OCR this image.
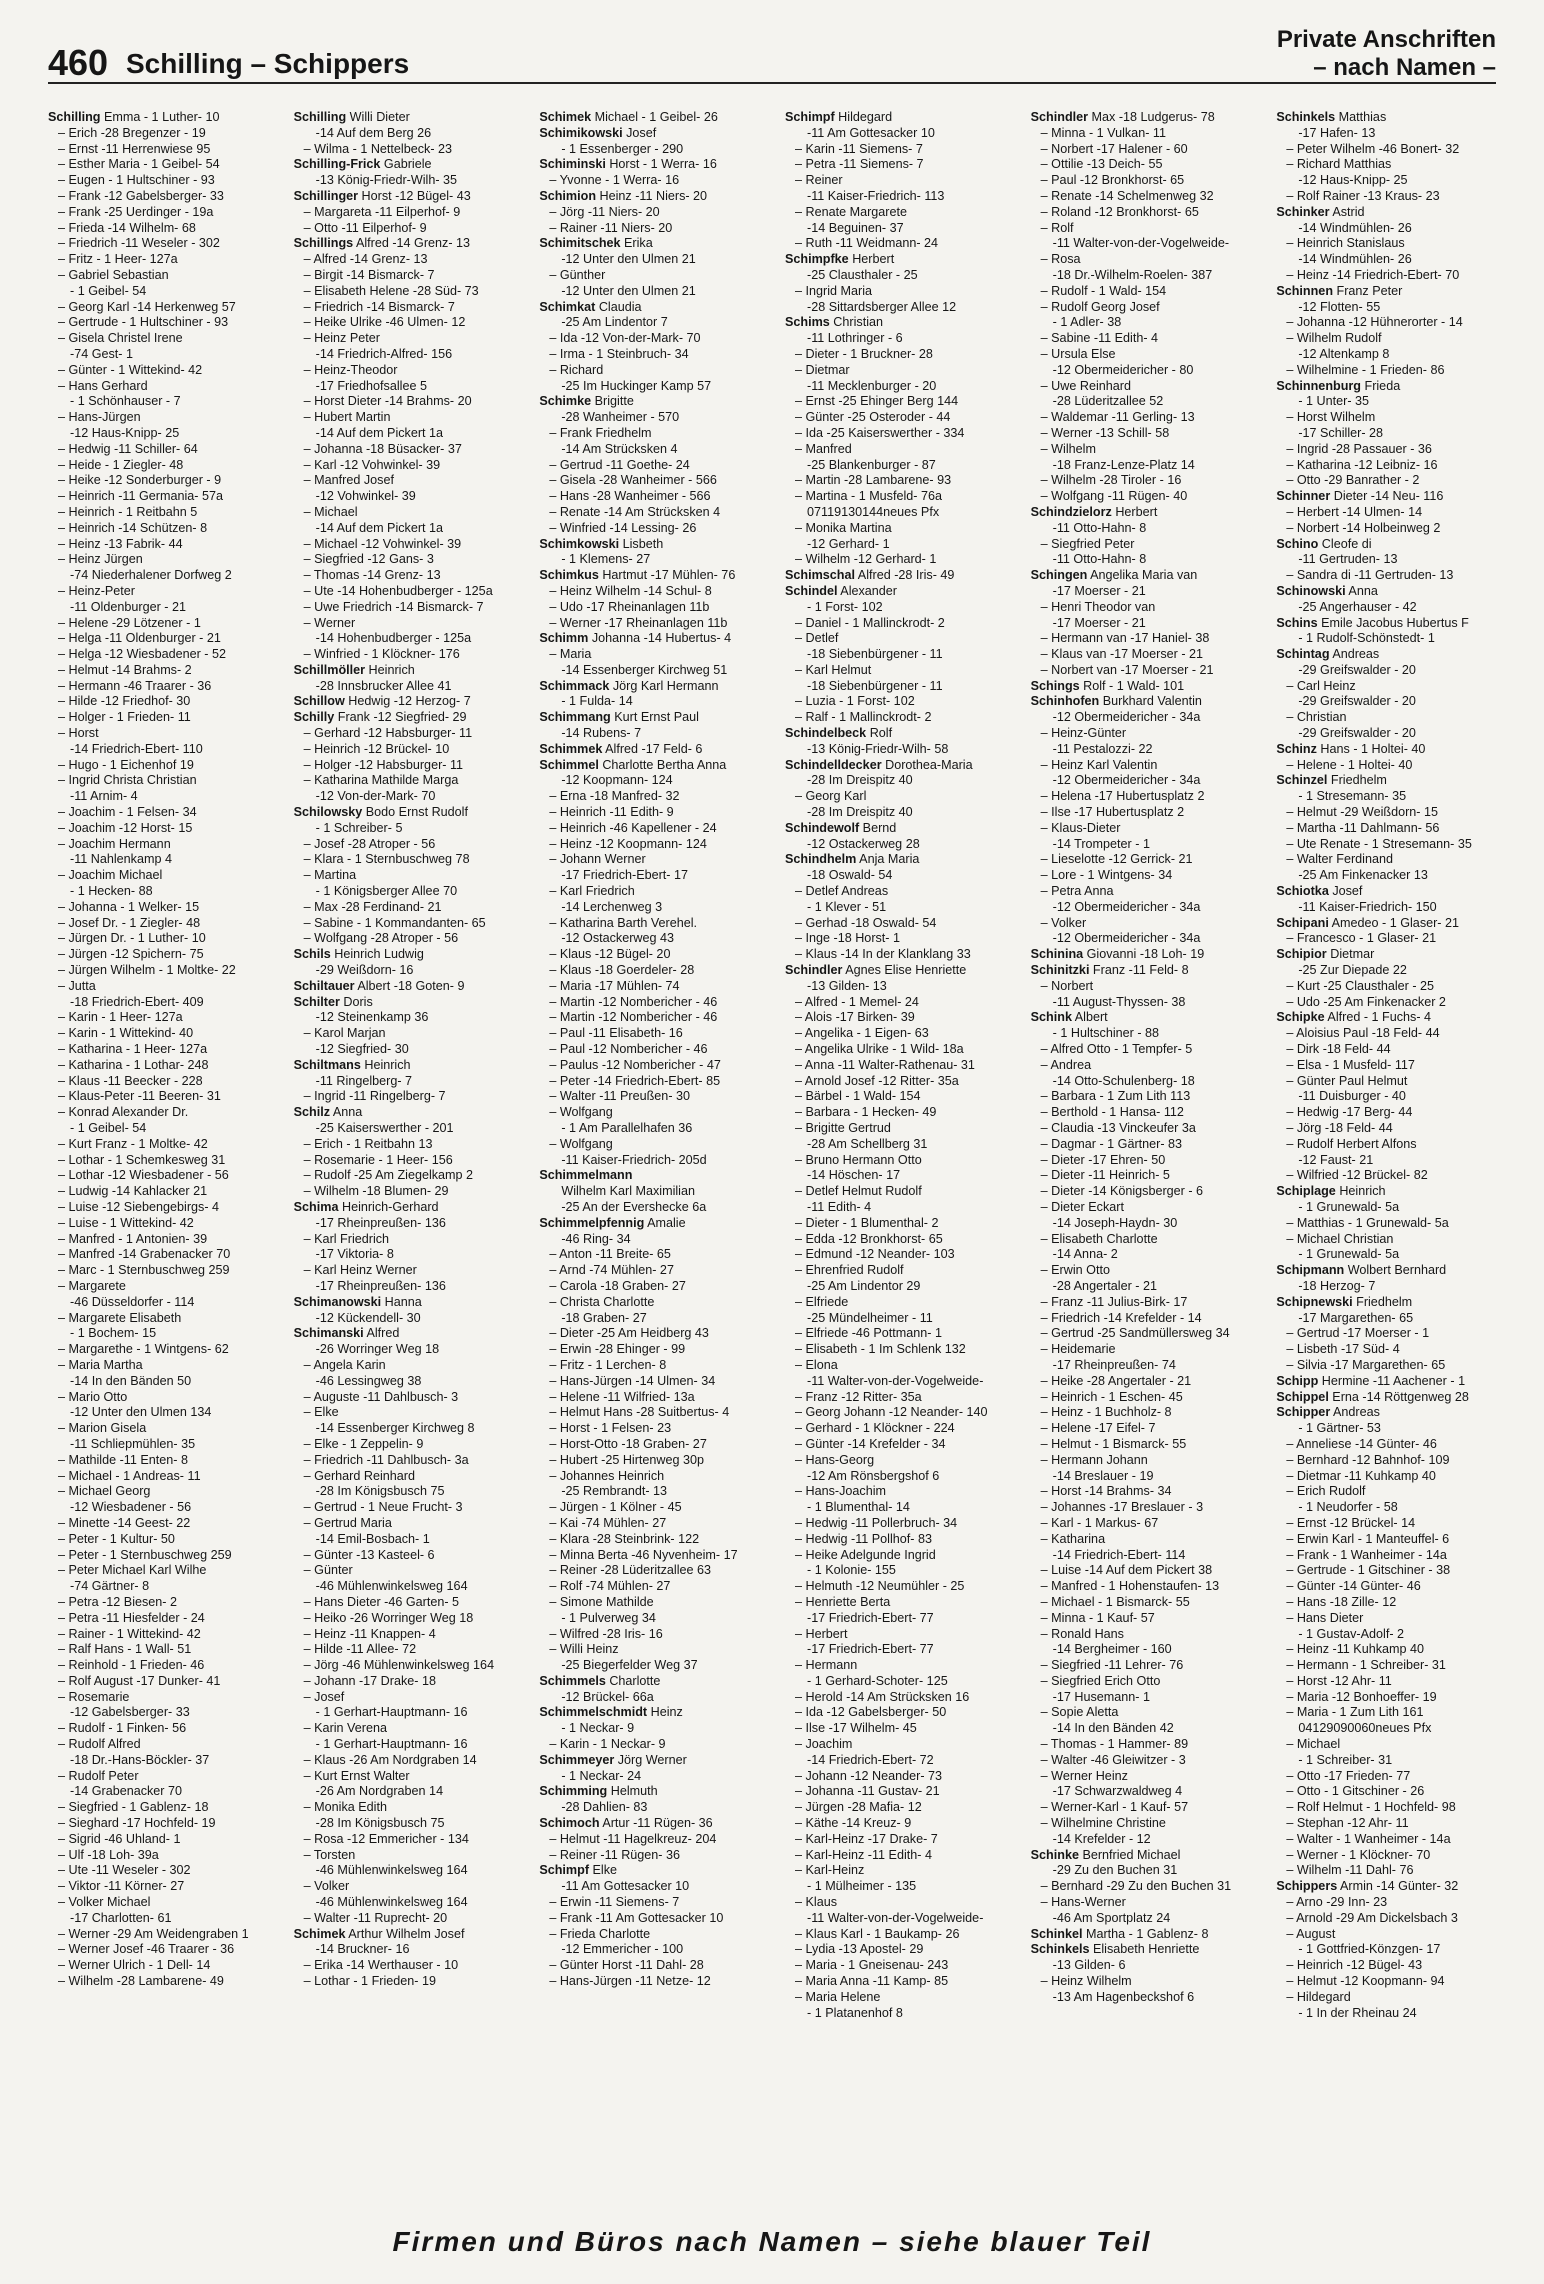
460 Schilling – Schippers
Private Anschriften
– nach Namen –
Schilling Emma - 1 Luther- 10
– Erich -28 Bregenzer - 19
– Ernst -11 Herrenwiese 95
– Esther Maria - 1 Geibel- 54
– Eugen - 1 Hultschiner - 93
– Frank -12 Gabelsberger- 33
– Frank -25 Uerdinger - 19a
– Frieda -14 Wilhelm- 68
– Friedrich -11 Weseler - 302
– Fritz - 1 Heer- 127a
– Gabriel Sebastian
- 1 Geibel- 54
– Georg Karl -14 Herkenweg 57
– Gertrude - 1 Hultschiner - 93
– Gisela Christel Irene
-74 Gest- 1
– Günter - 1 Wittekind- 42
– Hans Gerhard
- 1 Schönhauser - 7
– Hans-Jürgen
-12 Haus-Knipp- 25
– Hedwig -11 Schiller- 64
– Heide - 1 Ziegler- 48
– Heike -12 Sonderburger - 9
– Heinrich -11 Germania- 57a
– Heinrich - 1 Reitbahn 5
– Heinrich -14 Schützen- 8
– Heinz -13 Fabrik- 44
– Heinz Jürgen
-74 Niederhalener Dorfweg 2
– Heinz-Peter
-11 Oldenburger - 21
– Helene -29 Lötzener - 1
– Helga -11 Oldenburger - 21
– Helga -12 Wiesbadener - 52
– Helmut -14 Brahms- 2
– Hermann -46 Traarer - 36
– Hilde -12 Friedhof- 30
– Holger - 1 Frieden- 11
– Horst
-14 Friedrich-Ebert- 110
– Hugo - 1 Eichenhof 19
– Ingrid Christa Christian
-11 Arnim- 4
– Joachim - 1 Felsen- 34
– Joachim -12 Horst- 15
– Joachim Hermann
-11 Nahlenkamp 4
– Joachim Michael
- 1 Hecken- 88
– Johanna - 1 Welker- 15
– Josef Dr. - 1 Ziegler- 48
– Jürgen Dr. - 1 Luther- 10
– Jürgen -12 Spichern- 75
– Jürgen Wilhelm - 1 Moltke- 22
– Jutta
-18 Friedrich-Ebert- 409
– Karin - 1 Heer- 127a
– Karin - 1 Wittekind- 40
– Katharina - 1 Heer- 127a
– Katharina - 1 Lothar- 248
– Klaus -11 Beecker - 228
– Klaus-Peter -11 Beeren- 31
– Konrad Alexander Dr.
- 1 Geibel- 54
– Kurt Franz - 1 Moltke- 42
– Lothar - 1 Schemkesweg 31
– Lothar -12 Wiesbadener - 56
– Ludwig -14 Kahlacker 21
– Luise -12 Siebengebirgs- 4
– Luise - 1 Wittekind- 42
– Manfred - 1 Antonien- 39
– Manfred -14 Grabenacker 70
– Marc - 1 Sternbuschweg 259
– Margarete
-46 Düsseldorfer - 114
– Margarete Elisabeth
- 1 Bochem- 15
– Margarethe - 1 Wintgens- 62
– Maria Martha
-14 In den Bänden 50
– Mario Otto
-12 Unter den Ulmen 134
– Marion Gisela
-11 Schliepmühlen- 35
– Mathilde -11 Enten- 8
– Michael - 1 Andreas- 11
– Michael Georg
-12 Wiesbadener - 56
– Minette -14 Geest- 22
– Peter - 1 Kultur- 50
– Peter - 1 Sternbuschweg 259
– Peter Michael Karl Wilhe
-74 Gärtner- 8
– Petra -12 Biesen- 2
– Petra -11 Hiesfelder - 24
– Rainer - 1 Wittekind- 42
– Ralf Hans - 1 Wall- 51
– Reinhold - 1 Frieden- 46
– Rolf August -17 Dunker- 41
– Rosemarie
-12 Gabelsberger- 33
– Rudolf - 1 Finken- 56
– Rudolf Alfred
-18 Dr.-Hans-Böckler- 37
– Rudolf Peter
-14 Grabenacker 70
– Siegfried - 1 Gablenz- 18
– Sieghard -17 Hochfeld- 19
– Sigrid -46 Uhland- 1
– Ulf -18 Loh- 39a
– Ute -11 Weseler - 302
– Viktor -11 Körner- 27
– Volker Michael
-17 Charlotten- 61
– Werner -29 Am Weidengraben 1
– Werner Josef -46 Traarer - 36
– Werner Ulrich - 1 Dell- 14
– Wilhelm -28 Lambarene- 49
Schilling Willi Dieter
-14 Auf dem Berg 26
– Wilma - 1 Nettelbeck- 23
Schilling-Frick Gabriele
-13 König-Friedr-Wilh- 35
Schillinger Horst -12 Bügel- 43
– Margareta -11 Eilperhof- 9
– Otto -11 Eilperhof- 9
Schillings Alfred -14 Grenz- 13
– Alfred -14 Grenz- 13
– Birgit -14 Bismarck- 7
– Elisabeth Helene -28 Süd- 73
– Friedrich -14 Bismarck- 7
– Heike Ulrike -46 Ulmen- 12
– Heinz Peter
-14 Friedrich-Alfred- 156
– Heinz-Theodor
-17 Friedhofsallee 5
– Horst Dieter -14 Brahms- 20
– Hubert Martin
-14 Auf dem Pickert 1a
– Johanna -18 Büsacker- 37
– Karl -12 Vohwinkel- 39
– Manfred Josef
-12 Vohwinkel- 39
– Michael
-14 Auf dem Pickert 1a
– Michael -12 Vohwinkel- 39
– Siegfried -12 Gans- 3
– Thomas -14 Grenz- 13
– Ute -14 Hohenbudberger - 125a
– Uwe Friedrich -14 Bismarck- 7
– Werner
-14 Hohenbudberger - 125a
– Winfried - 1 Klöckner- 176
Schillmöller Heinrich
-28 Innsbrucker Allee 41
Schillow Hedwig -12 Herzog- 7
Schilly Frank -12 Siegfried- 29
– Gerhard -12 Habsburger- 11
– Heinrich -12 Brückel- 10
– Holger -12 Habsburger- 11
– Katharina Mathilde Marga
-12 Von-der-Mark- 70
Schilowsky Bodo Ernst Rudolf
- 1 Schreiber- 5
– Josef -28 Atroper - 56
– Klara - 1 Sternbuschweg 78
– Martina
- 1 Königsberger Allee 70
– Max -28 Ferdinand- 21
– Sabine - 1 Kommandanten- 65
– Wolfgang -28 Atroper - 56
Schils Heinrich Ludwig
-29 Weißdorn- 16
Schiltauer Albert -18 Goten- 9
Schilter Doris
-12 Steinenkamp 36
– Karol Marjan
-12 Siegfried- 30
Schiltmans Heinrich
-11 Ringelberg- 7
– Ingrid -11 Ringelberg- 7
Schilz Anna
-25 Kaiserswerther - 201
– Erich - 1 Reitbahn 13
– Rosemarie - 1 Heer- 156
– Rudolf -25 Am Ziegelkamp 2
– Wilhelm -18 Blumen- 29
Schima Heinrich-Gerhard
-17 Rheinpreußen- 136
– Karl Friedrich
-17 Viktoria- 8
– Karl Heinz Werner
-17 Rheinpreußen- 136
Schimanowski Hanna
-12 Kückendell- 30
Schimanski Alfred
-26 Worringer Weg 18
– Angela Karin
-46 Lessingweg 38
– Auguste -11 Dahlbusch- 3
– Elke
-14 Essenberger Kirchweg 8
– Elke - 1 Zeppelin- 9
– Friedrich -11 Dahlbusch- 3a
– Gerhard Reinhard
-28 Im Königsbusch 75
– Gertrud - 1 Neue Frucht- 3
– Gertrud Maria
-14 Emil-Bosbach- 1
– Günter -13 Kasteel- 6
– Günter
-46 Mühlenwinkelsweg 164
– Hans Dieter -46 Garten- 5
– Heiko -26 Worringer Weg 18
– Heinz -11 Knappen- 4
– Hilde -11 Allee- 72
– Jörg -46 Mühlenwinkelsweg 164
– Johann -17 Drake- 18
– Josef
- 1 Gerhart-Hauptmann- 16
– Karin Verena
- 1 Gerhart-Hauptmann- 16
– Klaus -26 Am Nordgraben 14
– Kurt Ernst Walter
-26 Am Nordgraben 14
– Monika Edith
-28 Im Königsbusch 75
– Rosa -12 Emmericher - 134
– Torsten
-46 Mühlenwinkelsweg 164
– Volker
-46 Mühlenwinkelsweg 164
– Walter -11 Ruprecht- 20
Schimek Arthur Wilhelm Josef
-14 Bruckner- 16
– Erika -14 Werthauser - 10
– Lothar - 1 Frieden- 19
Schimek Michael - 1 Geibel- 26
Schimikowski Josef
- 1 Essenberger - 290
Schiminski Horst - 1 Werra- 16
– Yvonne - 1 Werra- 16
Schimion Heinz -11 Niers- 20
– Jörg -11 Niers- 20
– Rainer -11 Niers- 20
Schimitschek Erika
-12 Unter den Ulmen 21
– Günther
-12 Unter den Ulmen 21
Schimkat Claudia
-25 Am Lindentor 7
– Ida -12 Von-der-Mark- 70
– Irma - 1 Steinbruch- 34
– Richard
-25 Im Huckinger Kamp 57
Schimke Brigitte
-28 Wanheimer - 570
– Frank Friedhelm
-14 Am Strücksken 4
– Gertrud -11 Goethe- 24
– Gisela -28 Wanheimer - 566
– Hans -28 Wanheimer - 566
– Renate -14 Am Strücksken 4
– Winfried -14 Lessing- 26
Schimkowski Lisbeth
- 1 Klemens- 27
Schimkus Hartmut -17 Mühlen- 76
– Heinz Wilhelm -14 Schul- 8
– Udo -17 Rheinanlagen 11b
– Werner -17 Rheinanlagen 11b
Schimm Johanna -14 Hubertus- 4
– Maria
-14 Essenberger Kirchweg 51
Schimmack Jörg Karl Hermann
- 1 Fulda- 14
Schimmang Kurt Ernst Paul
-14 Rubens- 7
Schimmek Alfred -17 Feld- 6
Schimmel Charlotte Bertha Anna
-12 Koopmann- 124
– Erna -18 Manfred- 32
– Heinrich -11 Edith- 9
– Heinrich -46 Kapellener - 24
– Heinz -12 Koopmann- 124
– Johann Werner
-17 Friedrich-Ebert- 17
– Karl Friedrich
-14 Lerchenweg 3
– Katharina Barth Verehel.
-12 Ostackerweg 43
– Klaus -12 Bügel- 20
– Klaus -18 Goerdeler- 28
– Maria -17 Mühlen- 74
– Martin -12 Nombericher - 46
– Martin -12 Nombericher - 46
– Paul -11 Elisabeth- 16
– Paul -12 Nombericher - 46
– Paulus -12 Nombericher - 47
– Peter -14 Friedrich-Ebert- 85
– Walter -11 Preußen- 30
– Wolfgang
- 1 Am Parallelhafen 36
– Wolfgang
-11 Kaiser-Friedrich- 205d
Schimmelmann
Wilhelm Karl Maximilian
-25 An der Evershecke 6a
Schimmelpfennig Amalie
-46 Ring- 34
– Anton -11 Breite- 65
– Arnd -74 Mühlen- 27
– Carola -18 Graben- 27
– Christa Charlotte
-18 Graben- 27
– Dieter -25 Am Heidberg 43
– Erwin -28 Ehinger - 99
– Fritz - 1 Lerchen- 8
– Hans-Jürgen -14 Ulmen- 34
– Helene -11 Wilfried- 13a
– Helmut Hans -28 Suitbertus- 4
– Horst - 1 Felsen- 23
– Horst-Otto -18 Graben- 27
– Hubert -25 Hirtenweg 30p
– Johannes Heinrich
-25 Rembrandt- 13
– Jürgen - 1 Kölner - 45
– Kai -74 Mühlen- 27
– Klara -28 Steinbrink- 122
– Minna Berta -46 Nyvenheim- 17
– Reiner -28 Lüderitzallee 63
– Rolf -74 Mühlen- 27
– Simone Mathilde
- 1 Pulverweg 34
– Wilfred -28 Iris- 16
– Willi Heinz
-25 Biegerfelder Weg 37
Schimmels Charlotte
-12 Brückel- 66a
Schimmelschmidt Heinz
- 1 Neckar- 9
– Karin - 1 Neckar- 9
Schimmeyer Jörg Werner
- 1 Neckar- 24
Schimming Helmuth
-28 Dahlien- 83
Schimoch Artur -11 Rügen- 36
– Helmut -11 Hagelkreuz- 204
– Reiner -11 Rügen- 36
Schimpf Elke
-11 Am Gottesacker 10
– Erwin -11 Siemens- 7
– Frank -11 Am Gottesacker 10
– Frieda Charlotte
-12 Emmericher - 100
– Günter Horst -11 Dahl- 28
– Hans-Jürgen -11 Netze- 12
Schimpf Hildegard
-11 Am Gottesacker 10
– Karin -11 Siemens- 7
– Petra -11 Siemens- 7
– Reiner
-11 Kaiser-Friedrich- 113
– Renate Margarete
-14 Beguinen- 37
– Ruth -11 Weidmann- 24
Schimpfke Herbert
-25 Clausthaler - 25
– Ingrid Maria
-28 Sittardsberger Allee 12
Schims Christian
-11 Lothringer - 6
– Dieter - 1 Bruckner- 28
– Dietmar
-11 Mecklenburger - 20
– Ernst -25 Ehinger Berg 144
– Günter -25 Osteroder - 44
– Ida -25 Kaiserswerther - 334
– Manfred
-25 Blankenburger - 87
– Martin -28 Lambarene- 93
– Martina - 1 Musfeld- 76a
07119130144neues Pfx
– Monika Martina
-12 Gerhard- 1
– Wilhelm -12 Gerhard- 1
Schimschal Alfred -28 Iris- 49
Schindel Alexander
- 1 Forst- 102
– Daniel - 1 Mallinckrodt- 2
– Detlef
-18 Siebenbürgener - 11
– Karl Helmut
-18 Siebenbürgener - 11
– Luzia - 1 Forst- 102
– Ralf - 1 Mallinckrodt- 2
Schindelbeck Rolf
-13 König-Friedr-Wilh- 58
Schindelldecker Dorothea-Maria
-28 Im Dreispitz 40
– Georg Karl
-28 Im Dreispitz 40
Schindewolf Bernd
-12 Ostackerweg 28
Schindhelm Anja Maria
-18 Oswald- 54
– Detlef Andreas
- 1 Klever - 51
– Gerhad -18 Oswald- 54
– Inge -18 Horst- 1
– Klaus -14 In der Klanklang 33
Schindler Agnes Elise Henriette
-13 Gilden- 13
– Alfred - 1 Memel- 24
– Alois -17 Birken- 39
– Angelika - 1 Eigen- 63
– Angelika Ulrike - 1 Wild- 18a
– Anna -11 Walter-Rathenau- 31
– Arnold Josef -12 Ritter- 35a
– Bärbel - 1 Wald- 154
– Barbara - 1 Hecken- 49
– Brigitte Gertrud
-28 Am Schellberg 31
– Bruno Hermann Otto
-14 Höschen- 17
– Detlef Helmut Rudolf
-11 Edith- 4
– Dieter - 1 Blumenthal- 2
– Edda -12 Bronkhorst- 65
– Edmund -12 Neander- 103
– Ehrenfried Rudolf
-25 Am Lindentor 29
– Elfriede
-25 Mündelheimer - 11
– Elfriede -46 Pottmann- 1
– Elisabeth - 1 Im Schlenk 132
– Elona
-11 Walter-von-der-Vogelweide-
– Franz -12 Ritter- 35a
– Georg Johann -12 Neander- 140
– Gerhard - 1 Klöckner - 224
– Günter -14 Krefelder - 34
– Hans-Georg
-12 Am Rönsbergshof 6
– Hans-Joachim
- 1 Blumenthal- 14
– Hedwig -11 Pollerbruch- 34
– Hedwig -11 Pollhof- 83
– Heike Adelgunde Ingrid
- 1 Kolonie- 155
– Helmuth -12 Neumühler - 25
– Henriette Berta
-17 Friedrich-Ebert- 77
– Herbert
-17 Friedrich-Ebert- 77
– Hermann
- 1 Gerhard-Schoter- 125
– Herold -14 Am Strücksken 16
– Ida -12 Gabelsberger- 50
– Ilse -17 Wilhelm- 45
– Joachim
-14 Friedrich-Ebert- 72
– Johann -12 Neander- 73
– Johanna -11 Gustav- 21
– Jürgen -28 Mafia- 12
– Käthe -14 Kreuz- 9
– Karl-Heinz -17 Drake- 7
– Karl-Heinz -11 Edith- 4
– Karl-Heinz
- 1 Mülheimer - 135
– Klaus
-11 Walter-von-der-Vogelweide-
– Klaus Karl - 1 Baukamp- 26
– Lydia -13 Apostel- 29
– Maria - 1 Gneisenau- 243
– Maria Anna -11 Kamp- 85
– Maria Helene
- 1 Platanenhof 8
Schindler Max -18 Ludgerus- 78
– Minna - 1 Vulkan- 11
– Norbert -17 Halener - 60
– Ottilie -13 Deich- 55
– Paul -12 Bronkhorst- 65
– Renate -14 Schelmenweg 32
– Roland -12 Bronkhorst- 65
– Rolf
-11 Walter-von-der-Vogelweide-
– Rosa
-18 Dr.-Wilhelm-Roelen- 387
– Rudolf - 1 Wald- 154
– Rudolf Georg Josef
- 1 Adler- 38
– Sabine -11 Edith- 4
– Ursula Else
-12 Obermeidericher - 80
– Uwe Reinhard
-28 Lüderitzallee 52
– Waldemar -11 Gerling- 13
– Werner -13 Schill- 58
– Wilhelm
-18 Franz-Lenze-Platz 14
– Wilhelm -28 Tiroler - 16
– Wolfgang -11 Rügen- 40
Schindzielorz Herbert
-11 Otto-Hahn- 8
– Siegfried Peter
-11 Otto-Hahn- 8
Schingen Angelika Maria van
-17 Moerser - 21
– Henri Theodor van
-17 Moerser - 21
– Hermann van -17 Haniel- 38
– Klaus van -17 Moerser - 21
– Norbert van -17 Moerser - 21
Schings Rolf - 1 Wald- 101
Schinhofen Burkhard Valentin
-12 Obermeidericher - 34a
– Heinz-Günter
-11 Pestalozzi- 22
– Heinz Karl Valentin
-12 Obermeidericher - 34a
– Helena -17 Hubertusplatz 2
– Ilse -17 Hubertusplatz 2
– Klaus-Dieter
-14 Trompeter - 1
– Lieselotte -12 Gerrick- 21
– Lore - 1 Wintgens- 34
– Petra Anna
-12 Obermeidericher - 34a
– Volker
-12 Obermeidericher - 34a
Schinina Giovanni -18 Loh- 19
Schinitzki Franz -11 Feld- 8
– Norbert
-11 August-Thyssen- 38
Schink Albert
- 1 Hultschiner - 88
– Alfred Otto - 1 Tempfer- 5
– Andrea
-14 Otto-Schulenberg- 18
– Barbara - 1 Zum Lith 113
– Berthold - 1 Hansa- 112
– Claudia -13 Vinckeufer 3a
– Dagmar - 1 Gärtner- 83
– Dieter -17 Ehren- 50
– Dieter -11 Heinrich- 5
– Dieter -14 Königsberger - 6
– Dieter Eckart
-14 Joseph-Haydn- 30
– Elisabeth Charlotte
-14 Anna- 2
– Erwin Otto
-28 Angertaler - 21
– Franz -11 Julius-Birk- 17
– Friedrich -14 Krefelder - 14
– Gertrud -25 Sandmüllersweg 34
– Heidemarie
-17 Rheinpreußen- 74
– Heike -28 Angertaler - 21
– Heinrich - 1 Eschen- 45
– Heinz - 1 Buchholz- 8
– Helene -17 Eifel- 7
– Helmut - 1 Bismarck- 55
– Hermann Johann
-14 Breslauer - 19
– Horst -14 Brahms- 34
– Johannes -17 Breslauer - 3
– Karl - 1 Markus- 67
– Katharina
-14 Friedrich-Ebert- 114
– Luise -14 Auf dem Pickert 38
– Manfred - 1 Hohenstaufen- 13
– Michael - 1 Bismarck- 55
– Minna - 1 Kauf- 57
– Ronald Hans
-14 Bergheimer - 160
– Siegfried -11 Lehrer- 76
– Siegfried Erich Otto
-17 Husemann- 1
– Sopie Aletta
-14 In den Bänden 42
– Thomas - 1 Hammer- 89
– Walter -46 Gleiwitzer - 3
– Werner Heinz
-17 Schwarzwaldweg 4
– Werner-Karl - 1 Kauf- 57
– Wilhelmine Christine
-14 Krefelder - 12
Schinke Bernfried Michael
-29 Zu den Buchen 31
– Bernhard -29 Zu den Buchen 31
– Hans-Werner
-46 Am Sportplatz 24
Schinkel Martha - 1 Gablenz- 8
Schinkels Elisabeth Henriette
-13 Gilden- 6
– Heinz Wilhelm
-13 Am Hagenbeckshof 6
Schinkels Matthias
-17 Hafen- 13
– Peter Wilhelm -46 Bonert- 32
– Richard Matthias
-12 Haus-Knipp- 25
– Rolf Rainer -13 Kraus- 23
Schinker Astrid
-14 Windmühlen- 26
– Heinrich Stanislaus
-14 Windmühlen- 26
– Heinz -14 Friedrich-Ebert- 70
Schinnen Franz Peter
-12 Flotten- 55
– Johanna -12 Hühnerorter - 14
– Wilhelm Rudolf
-12 Altenkamp 8
– Wilhelmine - 1 Frieden- 86
Schinnenburg Frieda
- 1 Unter- 35
– Horst Wilhelm
-17 Schiller- 28
– Ingrid -28 Passauer - 36
– Katharina -12 Leibniz- 16
– Otto -29 Banrather - 2
Schinner Dieter -14 Neu- 116
– Herbert -14 Ulmen- 14
– Norbert -14 Holbeinweg 2
Schino Cleofe di
-11 Gertruden- 13
– Sandra di -11 Gertruden- 13
Schinowski Anna
-25 Angerhauser - 42
Schins Emile Jacobus Hubertus F
- 1 Rudolf-Schönstedt- 1
Schintag Andreas
-29 Greifswalder - 20
– Carl Heinz
-29 Greifswalder - 20
– Christian
-29 Greifswalder - 20
Schinz Hans - 1 Holtei- 40
– Helene - 1 Holtei- 40
Schinzel Friedhelm
- 1 Stresemann- 35
– Helmut -29 Weißdorn- 15
– Martha -11 Dahlmann- 56
– Ute Renate - 1 Stresemann- 35
– Walter Ferdinand
-25 Am Finkenacker 13
Schiotka Josef
-11 Kaiser-Friedrich- 150
Schipani Amedeo - 1 Glaser- 21
– Francesco - 1 Glaser- 21
Schipior Dietmar
-25 Zur Diepade 22
– Kurt -25 Clausthaler - 25
– Udo -25 Am Finkenacker 2
Schipke Alfred - 1 Fuchs- 4
– Aloisius Paul -18 Feld- 44
– Dirk -18 Feld- 44
– Elsa - 1 Musfeld- 117
– Günter Paul Helmut
-11 Duisburger - 40
– Hedwig -17 Berg- 44
– Jörg -18 Feld- 44
– Rudolf Herbert Alfons
-12 Faust- 21
– Wilfried -12 Brückel- 82
Schiplage Heinrich
- 1 Grunewald- 5a
– Matthias - 1 Grunewald- 5a
– Michael Christian
- 1 Grunewald- 5a
Schipmann Wolbert Bernhard
-18 Herzog- 7
Schipnewski Friedhelm
-17 Margarethen- 65
– Gertrud -17 Moerser - 1
– Lisbeth -17 Süd- 4
– Silvia -17 Margarethen- 65
Schipp Hermine -11 Aachener - 1
Schippel Erna -14 Röttgenweg 28
Schipper Andreas
- 1 Gärtner- 53
– Anneliese -14 Günter- 46
– Bernhard -12 Bahnhof- 109
– Dietmar -11 Kuhkamp 40
– Erich Rudolf
- 1 Neudorfer - 58
– Ernst -12 Brückel- 14
– Erwin Karl - 1 Manteuffel- 6
– Frank - 1 Wanheimer - 14a
– Gertrude - 1 Gitschiner - 38
– Günter -14 Günter- 46
– Hans -18 Zille- 12
– Hans Dieter
- 1 Gustav-Adolf- 2
– Heinz -11 Kuhkamp 40
– Hermann - 1 Schreiber- 31
– Horst -12 Ahr- 11
– Maria -12 Bonhoeffer- 19
– Maria - 1 Zum Lith 161
04129090060neues Pfx
– Michael
- 1 Schreiber- 31
– Otto -17 Frieden- 77
– Otto - 1 Gitschiner - 26
– Rolf Helmut - 1 Hochfeld- 98
– Stephan -12 Ahr- 11
– Walter - 1 Wanheimer - 14a
– Werner - 1 Klöckner- 70
– Wilhelm -11 Dahl- 76
Schippers Armin -14 Günter- 32
– Arno -29 Inn- 23
– Arnold -29 Am Dickelsbach 3
– August
- 1 Gottfried-Könzgen- 17
– Heinrich -12 Bügel- 43
– Helmut -12 Koopmann- 94
– Hildegard
- 1 In der Rheinau 24
Firmen und Büros nach Namen – siehe blauer Teil
